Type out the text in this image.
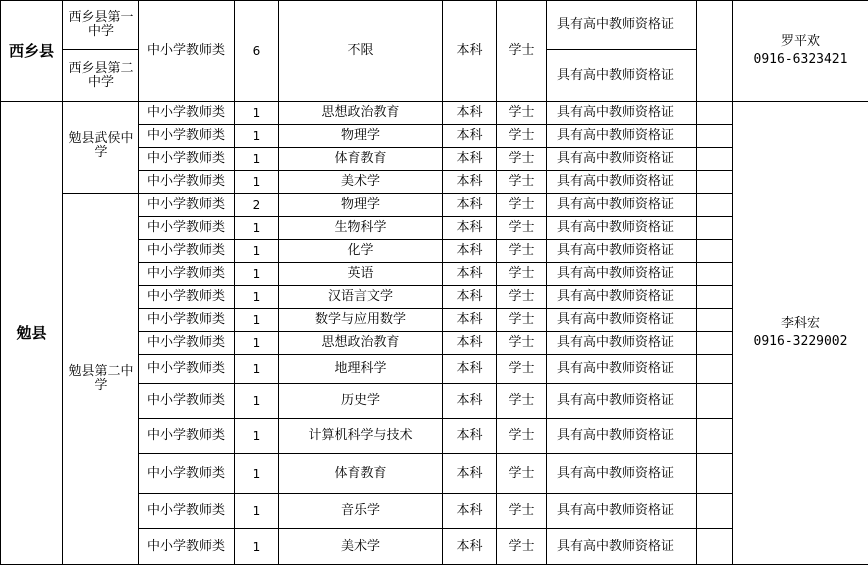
西乡县	西乡县第一中学	中小学教师类	6	不限	本科	学士	具有高中教师资格证		罗平欢
0916-6323421

	西乡县第二中学						具有高中教师资格证		
勉县	勉县武侯中学	中小学教师类	1	思想政治教育	本科	学士	具有高中教师资格证		李科宏
0916-3229002

		中小学教师类	1	物理学	本科	学士	具有高中教师资格证		
		中小学教师类	1	体育教育	本科	学士	具有高中教师资格证		
		中小学教师类	1	美术学	本科	学士	具有高中教师资格证		
	勉县第二中学	中小学教师类	2	物理学	本科	学士	具有高中教师资格证		
		中小学教师类	1	生物科学	本科	学士	具有高中教师资格证		
		中小学教师类	1	化学	本科	学士	具有高中教师资格证		
		中小学教师类	1	英语	本科	学士	具有高中教师资格证		
		中小学教师类	1	汉语言文学	本科	学士	具有高中教师资格证		
		中小学教师类	1	数学与应用数学	本科	学士	具有高中教师资格证		
		中小学教师类	1	思想政治教育	本科	学士	具有高中教师资格证		
		中小学教师类	1	地理科学	本科	学士	具有高中教师资格证		
		中小学教师类	1	历史学	本科	学士	具有高中教师资格证		
		中小学教师类	1	计算机科学与技术	本科	学士	具有高中教师资格证		
		中小学教师类	1	体育教育	本科	学士	具有高中教师资格证		
		中小学教师类	1	音乐学	本科	学士	具有高中教师资格证		
		中小学教师类	1	美术学	本科	学士	具有高中教师资格证		
